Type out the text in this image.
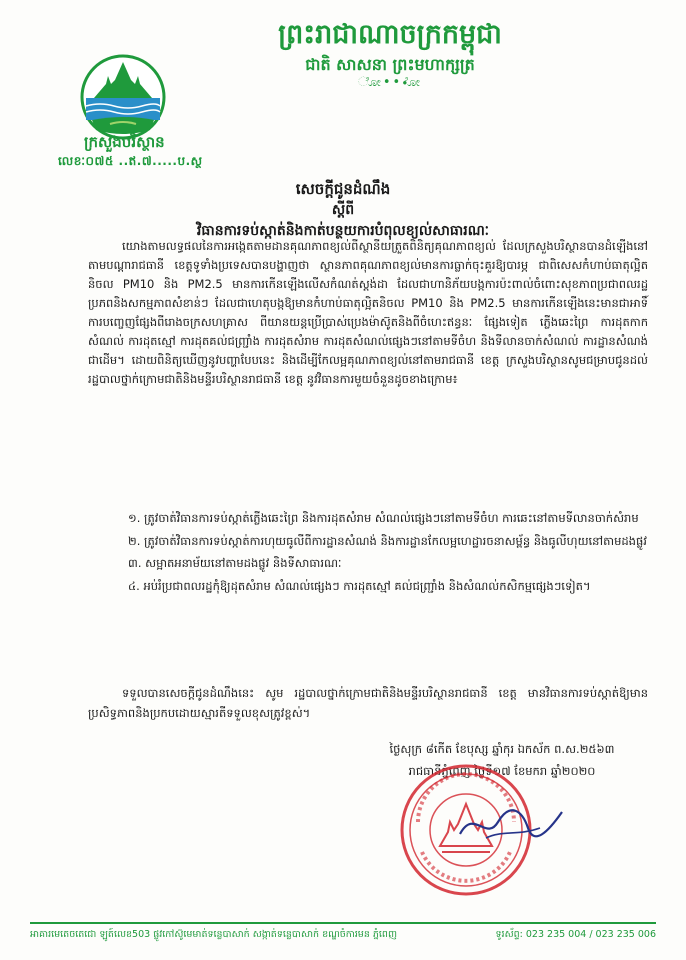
ព្រះរាជាណាចក្រកម្ពុជា
ជាតិ សាសនា ព្រះមហាក្សត្រ
ೋ•••ೋ
ក្រសួងបរិស្ថាន
លេខៈ០៧៥ ..ឥ.៧.....ប.ស្ថ
សេចក្តីជូនដំណឹង
ស្តីពី
វិធានការទប់ស្កាត់និងកាត់បន្ថយការបំពុលខ្យល់សាធារណៈ

យោងតាមលទ្ធផលនៃការអង្កេតតាមដានគុណភាពខ្យល់ពីស្ថានីយត្រួតពិនិត្យគុណភាពខ្យល់ ដែលក្រសួងបរិស្ថានបានដំឡើងនៅតាមបណ្តារាជធានី ខេត្តទូទាំងប្រទេសបានបង្ហាញថា ស្ថានភាពគុណភាពខ្យល់មានការធ្លាក់ចុះគួរឱ្យបារម្ភ ជាពិសេសកំហាប់ធាតុល្អិតនិចល PM10 និង PM2.5 មានការកើនឡើងលើសកំណត់ស្តង់ដា ដែលជាហានិភ័យបង្កការប៉ះពាល់ចំពោះសុខភាពប្រជាពលរដ្ឋ ប្រភពនិងសកម្មភាពសំខាន់ៗ ដែលជាហេតុបង្កឱ្យមានកំហាប់ធាតុល្អិតនិចល PM10 និង PM2.5 មានការកើនឡើងនេះមានជាអាទិ៍ ការបញ្ចេញផ្សែងពីរោងចក្រសហគ្រាស ពីយានយន្តប្រើប្រាស់ប្រេងម៉ាស៊ូតនិងពីចំហេះឥន្ធនៈ ផ្សែងទៀត ភ្លើងឆេះព្រៃ ការដុតកាកសំណល់ ការដុតស្មៅ ការដុតគល់ជញ្ជ្រាំង ការដុតសំរាម ការដុតសំណល់ផ្សេងៗនៅតាមទីចំហ និងទីលានចាក់សំណល់ ការដ្ឋានសំណង់ជាដើម។ ដោយពិនិត្យឃើញនូវបញ្ហាបែបនេះ និងដើម្បីកែលម្អគុណភាពខ្យល់នៅតាមរាជធានី ខេត្ត ក្រសួងបរិស្ថានសូមជម្រាបជូនដល់រដ្ឋបាលថ្នាក់ក្រោមជាតិនិងមន្ទីរបរិស្ថានរាជធានី ខេត្ត នូវវិធានការមួយចំនួនដូចខាងក្រោម៖

១. ត្រូវចាត់វិធានការទប់ស្កាត់ភ្លើងឆេះព្រៃ និងការដុតសំរាម សំណល់ផ្សេងៗនៅតាមទីចំហ ការឆេះនៅតាមទីលានចាក់សំរាម
២. ត្រូវចាត់វិធានការទប់ស្កាត់ការហុយធូលីពីការដ្ឋានសំណង់ និងការដ្ឋានកែលម្អហេដ្ឋារចនាសម្ព័ន្ធ និងធូលីហុយនៅតាមដងផ្លូវ
៣. សម្អាតអនាម័យនៅតាមដងផ្លូវ និងទីសាធារណៈ
៤. អប់រំប្រជាពលរដ្ឋកុំឱ្យដុតសំរាម សំណល់ផ្សេងៗ ការដុតស្មៅ គល់ជញ្ជ្រាំង និងសំណល់កសិកម្មផ្សេងៗទៀត។

ទទួលបានសេចក្តីជូនដំណឹងនេះ សូម រដ្ឋបាលថ្នាក់ក្រោមជាតិនិងមន្ទីរបរិស្ថានរាជធានី ខេត្ត មានវិធានការទប់ស្កាត់ឱ្យមានប្រសិទ្ធភាពនិងប្រកបដោយស្មារតីទទួលខុសត្រូវខ្ពស់។

ថ្ងៃសុក្រ ៨កើត ខែបុស្ស ឆ្នាំកុរ ឯកស័ក ព.ស.២៥៦៣
រាជធានីភ្នំពេញ ថ្ងៃទី១៧ ខែមករា ឆ្នាំ២០២០
អាគារមេតេចតេជោ ឡូត៍លេខ503 ផ្លូវកៅស៊ូមេមាត់ទន្លេបាសាក់ សង្កាត់ទន្លេបាសាក់ ខណ្ឌចំការមន ភ្នំពេញ	ទូរស័ព្ទ: 023 235 004 / 023 235 006
